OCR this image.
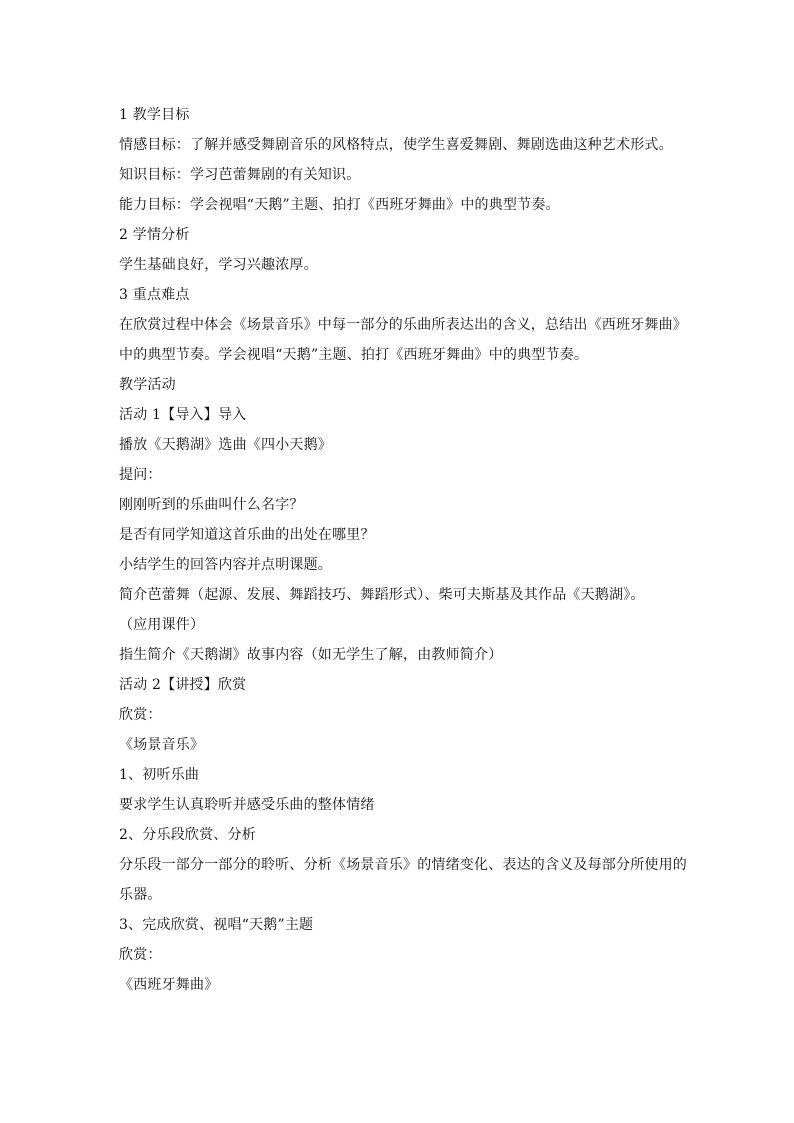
1 教学目标
情感目标：了解并感受舞剧音乐的风格特点，使学生喜爱舞剧、舞剧选曲这种艺术形式。
知识目标：学习芭蕾舞剧的有关知识。
能力目标：学会视唱“天鹅”主题、拍打《西班牙舞曲》中的典型节奏。
2 学情分析
学生基础良好，学习兴趣浓厚。
3 重点难点
在欣赏过程中体会《场景音乐》中每一部分的乐曲所表达出的含义，总结出《西班牙舞曲》
中的典型节奏。学会视唱“天鹅”主题、拍打《西班牙舞曲》中的典型节奏。
教学活动
活动 1【导入】导入
播放《天鹅湖》选曲《四小天鹅》
提问：
刚刚听到的乐曲叫什么名字？
是否有同学知道这首乐曲的出处在哪里？
小结学生的回答内容并点明课题。
简介芭蕾舞（起源、发展、舞蹈技巧、舞蹈形式）、柴可夫斯基及其作品《天鹅湖》。
（应用课件）
指生简介《天鹅湖》故事内容（如无学生了解，由教师简介）
活动 2【讲授】欣赏
欣赏：
《场景音乐》
1、初听乐曲
要求学生认真聆听并感受乐曲的整体情绪
2、分乐段欣赏、分析
分乐段一部分一部分的聆听、分析《场景音乐》的情绪变化、表达的含义及每部分所使用的
乐器。
3、完成欣赏、视唱“天鹅”主题
欣赏：
《西班牙舞曲》
